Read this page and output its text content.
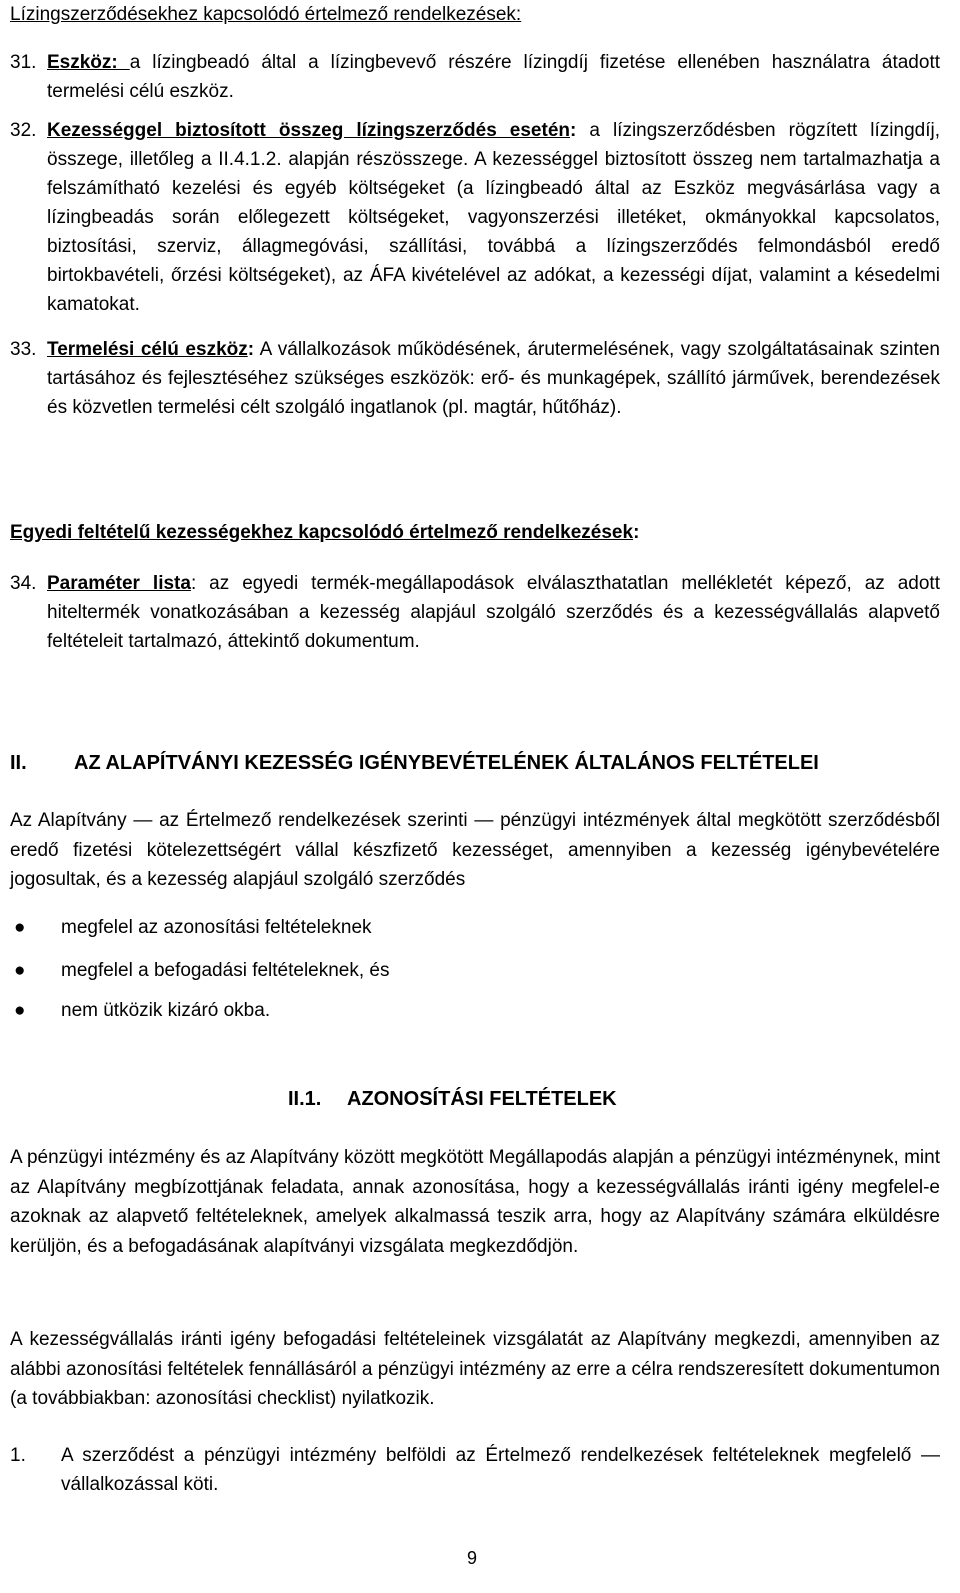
Lízingszerződésekhez kapcsolódó értelmező rendelkezések:

31. Eszköz: a lízingbeadó által a lízingbevevő részére lízingdíj fizetése ellenében használatra átadott termelési célú eszköz.
32. Kezességgel biztosított összeg lízingszerződés esetén: a lízingszerződésben rögzített lízingdíj, összege, illetőleg a II.4.1.2. alapján részösszege. A kezességgel biztosított összeg nem tartalmazhatja a felszámítható kezelési és egyéb költségeket (a lízingbeadó által az Eszköz megvásárlása vagy a lízingbeadás során előlegezett költségeket, vagyonszerzési illetéket, okmányokkal kapcsolatos, biztosítási, szerviz, állagmegóvási, szállítási, továbbá a lízingszerződés felmondásból eredő birtokbavételi, őrzési költségeket), az ÁFA kivételével az adókat, a kezességi díjat, valamint a késedelmi kamatokat.
33. Termelési célú eszköz: A vállalkozások működésének, árutermelésének, vagy szolgáltatásainak szinten tartásához és fejlesztéséhez szükséges eszközök: erő- és munkagépek, szállító járművek, berendezések és közvetlen termelési célt szolgáló ingatlanok (pl. magtár, hűtőház).

Egyedi feltételű kezességekhez kapcsolódó értelmező rendelkezések:

34. Paraméter lista: az egyedi termék-megállapodások elválaszthatatlan mellékletét képező, az adott hiteltermék vonatkozásában a kezesség alapjául szolgáló szerződés és a kezességvállalás alapvető feltételeit tartalmazó, áttekintő dokumentum.
II. AZ ALAPÍTVÁNYI KEZESSÉG IGÉNYBEVÉTELÉNEK ÁLTALÁNOS FELTÉTELEI

Az Alapítvány — az Értelmező rendelkezések szerinti — pénzügyi intézmények által megkötött szerződésből eredő fizetési kötelezettségért vállal készfizető kezességet, amennyiben a kezesség igénybevételére jogosultak, és a kezesség alapjául szolgáló szerződés

●	megfelel az azonosítási feltételeknek
●	megfelel a befogadási feltételeknek, és
●	nem ütközik kizáró okba.
II.1. AZONOSÍTÁSI FELTÉTELEK

A pénzügyi intézmény és az Alapítvány között megkötött Megállapodás alapján a pénzügyi intézménynek, mint az Alapítvány megbízottjának feladata, annak azonosítása, hogy a kezességvállalás iránti igény megfelel-e azoknak az alapvető feltételeknek, amelyek alkalmassá teszik arra, hogy az Alapítvány számára elküldésre kerüljön, és a befogadásának alapítványi vizsgálata megkezdődjön.

A kezességvállalás iránti igény befogadási feltételeinek vizsgálatát az Alapítvány megkezdi, amennyiben az alábbi azonosítási feltételek fennállásáról a pénzügyi intézmény az erre a célra rendszeresített dokumentumon (a továbbiakban: azonosítási checklist) nyilatkozik.

1.	A szerződést a pénzügyi intézmény belföldi az Értelmező rendelkezések feltételeknek megfelelő — vállalkozással köti.
9
